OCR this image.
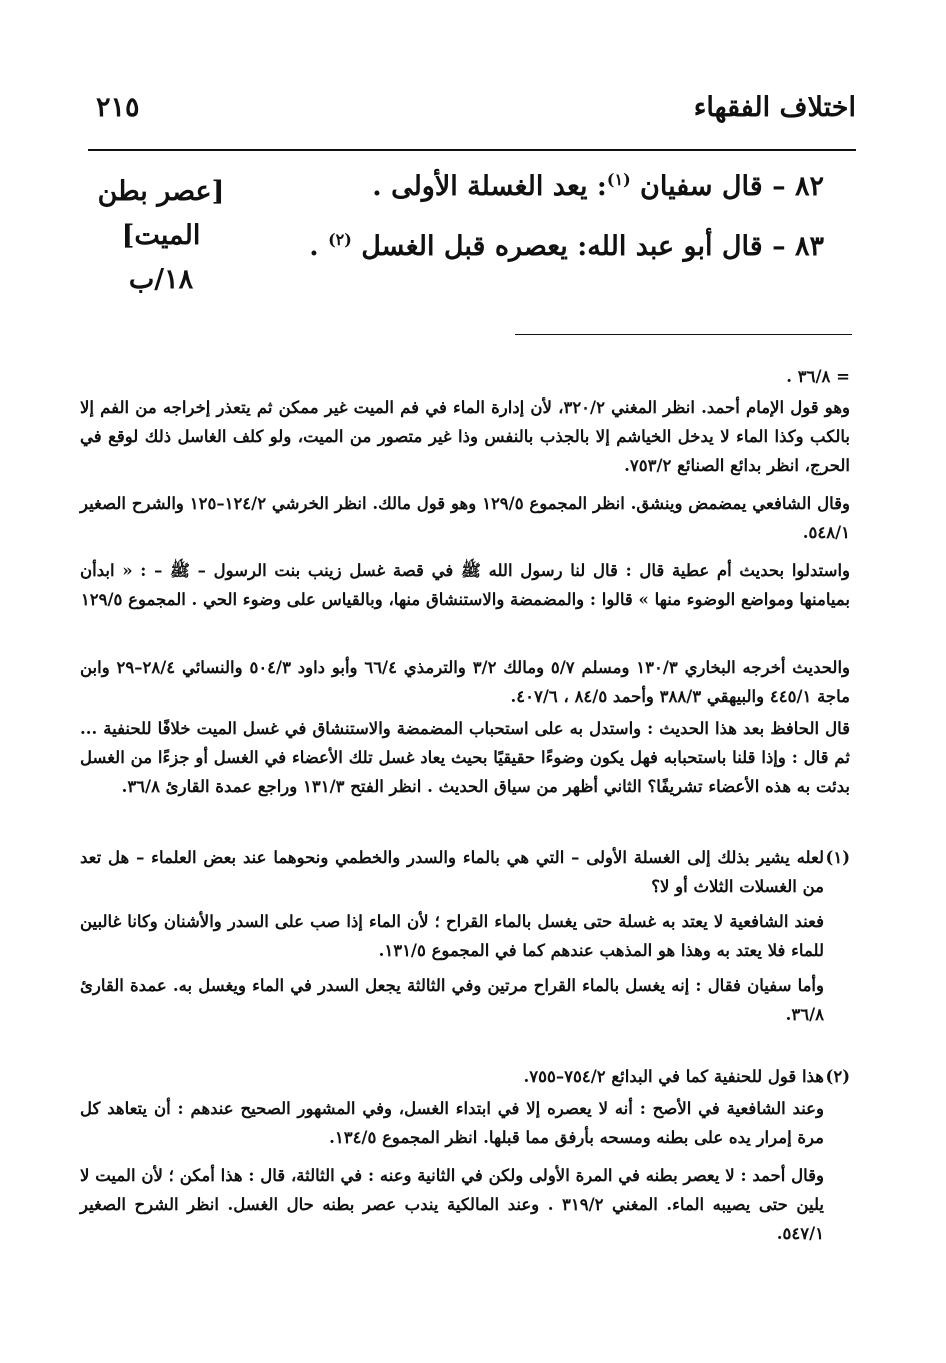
اختلاف الفقهاء
٢١٥
٨٢ – قال سفيان $^{(١)}$: يعد الغسلة الأولى .
٨٣ – قال أبو عبد الله: يعصره قبل الغسل $^{(٢)}$ .
[عصر بطن
الميت]
١٨/ب
= ٣٦/٨ .
وهو قول الإمام أحمد. انظر المغني ٣٢٠/٢، لأن إدارة الماء في فم الميت غير ممكن ثم يتعذر إخراجه من الفم إلا بالكب وكذا الماء لا يدخل الخياشم إلا بالجذب بالنفس وذا غير متصور من الميت، ولو كلف الغاسل ذلك لوقع في الحرج، انظر بدائع الصنائع ٧٥٣/٢.
وقال الشافعي يمضمض وينشق. انظر المجموع ١٢٩/٥ وهو قول مالك. انظر الخرشي ١٢٤/٢–١٢٥ والشرح الصغير ٥٤٨/١.
واستدلوا بحديث أم عطية قال : قال لنا رسول الله ﷺ في قصة غسل زينب بنت الرسول – ﷺ – : « ابدأن بميامنها ومواضع الوضوء منها » قالوا : والمضمضة والاستنشاق منها، وبالقياس على وضوء الحي . المجموع ١٢٩/٥
والحديث أخرجه البخاري ١٣٠/٣ ومسلم ٥/٧ ومالك ٣/٢ والترمذي ٦٦/٤ وأبو داود ٥٠٤/٣ والنسائي ٢٨/٤–٢٩ وابن ماجة ٤٤٥/١ والبيهقي ٣٨٨/٣ وأحمد ٨٤/٥ ، ٤٠٧/٦.
قال الحافظ بعد هذا الحديث : واستدل به على استحباب المضمضة والاستنشاق في غسل الميت خلافًا للحنفية ... ثم قال : وإذا قلنا باستحبابه فهل يكون وضوءًا حقيقيًا بحيث يعاد غسل تلك الأعضاء في الغسل أو جزءًا من الغسل بدئت به هذه الأعضاء تشريفًا؟ الثاني أظهر من سياق الحديث . انظر الفتح ١٣١/٣ وراجع عمدة القارئ ٣٦/٨.
(١)
لعله يشير بذلك إلى الغسلة الأولى – التي هي بالماء والسدر والخطمي ونحوهما عند بعض العلماء – هل تعد من الغسلات الثلاث أو لا؟
فعند الشافعية لا يعتد به غسلة حتى يغسل بالماء القراح ؛ لأن الماء إذا صب على السدر والأشنان وكانا غالبين للماء فلا يعتد به وهذا هو المذهب عندهم كما في المجموع ١٣١/٥.
وأما سفيان فقال : إنه يغسل بالماء القراح مرتين وفي الثالثة يجعل السدر في الماء ويغسل به. عمدة القارئ ٣٦/٨.
(٢)
هذا قول للحنفية كما في البدائع ٧٥٤/٢–٧٥٥.
وعند الشافعية في الأصح : أنه لا يعصره إلا في ابتداء الغسل، وفي المشهور الصحيح عندهم : أن يتعاهد كل مرة إمرار يده على بطنه ومسحه بأرفق مما قبلها. انظر المجموع ١٣٤/٥.
وقال أحمد : لا يعصر بطنه في المرة الأولى ولكن في الثانية وعنه : في الثالثة، قال : هذا أمكن ؛ لأن الميت لا يلين حتى يصيبه الماء. المغني ٣١٩/٢ . وعند المالكية يندب عصر بطنه حال الغسل. انظر الشرح الصغير ٥٤٧/١.
